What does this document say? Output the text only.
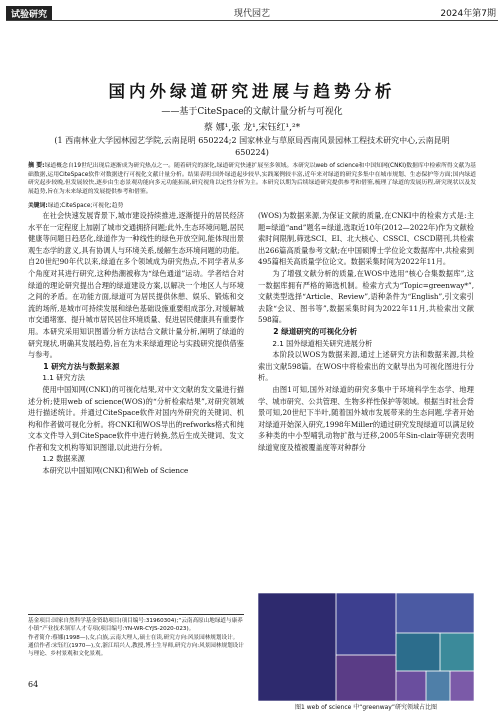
试验研究	现代园艺	2024年第7期
国内外绿道研究进展与趋势分析
——基于CiteSpace的文献计量分析与可视化
蔡 娜¹,张 龙¹,宋钰红¹,²*
(1 西南林业大学园林园艺学院,云南昆明 650224;2 国家林业与草原局西南风景园林工程技术研究中心,云南昆明 650224)
摘 要:绿道概念自19世纪出现后逐渐成为研究热点之一。随着研究的深化,绿道研究快速扩展至多领域。本研究以web of science和中国知网(CNKI)数据库中检索所得文献为基础数据,运用CiteSpace软件对数据进行可视化文献计量分析。结果表明:国外绿道起步较早,实践案例较丰富,近年来对绿道的研究多集中在城市规划、生态保护等方面;国内绿道研究起步较晚,但发展较快,逐步由生态景观功能向多元功能拓展,研究视角以定性分析为主。本研究以期为后续绿道研究提供参考和借鉴,梳理了绿道的发展历程,研究现状以及发展趋势,旨在为未来绿道的发展提供参考和借鉴。
关键词:绿道;CiteSpace;可视化;趋势

在社会快速发展背景下,城市建设持续推进,逐渐提升的居民经济水平在一定程度上加剧了城市交通拥挤问题;此外,生态环境问题,居民健康等问题日趋恶化,绿道作为一种线性的绿色开放空间,能体现出景观生态学的意义,具有协调人与环境关系,缓解生态环境问题的功能。自20世纪90年代以来,绿道在多个领域成为研究热点,不同学者从多个角度对其进行研究,这种热潮被称为“绿色通道”运动。学者结合对绿道的理论研究提出合理的绿道建设方案,以解决一个地区人与环境之间的矛盾。在功能方面,绿道可为居民提供休憩、娱乐、锻炼和交流的场所,是城市可持续发展和绿色基础设施重要组成部分,对缓解城市交通堵塞、提升城市居民居住环境质量、促进居民健康具有重要作用。本研究采用知识图谱分析方法结合文献计量分析,阐明了绿道的研究现状,明确其发展趋势,旨在为未来绿道理论与实践研究提供借鉴与参考。

1 研究方法与数据来源

1.1 研究方法

使用中国知网(CNKI)的可视化结果,对中文文献的发文量进行描述分析;使用web of science(WOS)的“分析检索结果”,对研究领域进行描述统计。并通过CiteSpace软件对国内外研究的关键词、机构和作者做可视化分析。将CNKI和WOS导出的refworks格式和纯文本文件导入到CiteSpace软件中进行转换,然后生成关键词、发文作者和发文机构等知识图谱,以此进行分析。

1.2 数据来源

本研究以中国知网(CNKI)和Web of Science

(WOS)为数据来源,为保证文献的质量,在CNKI中的检索方式是:主题=绿道“and”题名=绿道,选取近10年(2012—2022年)作为文献检索时间限制,筛选SCI、EI、北大核心、CSSCI、CSCD期刊,共检索出266篇高质量参考文献;在中国硕博士学位论文数据库中,共检索到495篇相关高质量学位论文。数据采集时间为2022年11月。

为了增强文献分析的质量,在WOS中选用“核心合集数据库”,这一数据库拥有严格的筛选机制。检索方式为“Topic=greenway*”,文献类型选择“Article、Review”,语种条件为“English”,引文索引去除“会议、图书等”,数据采集时间为2022年11月,共检索出文献598篇。

2 绿道研究的可视化分析

2.1 国外绿道相关研究进展分析

本阶段以WOS为数据来源,通过上述研究方法和数据来源,共检索出文献598篇。在WOS中将检索出的文献导出为可视化图进行分析。

由图1可知,国外对绿道的研究多集中于环境科学生态学、地理学、城市研究、公共管理、生物多样性保护等领域。根据当时社会背景可知,20世纪下半叶,随着国外城市发展带来的生态问题,学者开始对绿道开始深入研究,1998年Miller的通过研究发现绿道可以满足较多种类的中小型哺乳动物扩散与迁移,2005年Sin-clair等研究表明绿道宽度及植被覆盖度等对种群分

基金项目:国家自然科学基金资助项目(项目编号:31960304);“云南高原山地绿道与康养小镇”产业技术领军人才专项(项目编号:YN-WR-CYJS-2020-023)。
作者简介:蔡娜(1998—),女,白族,云南大理人,硕士在读,研究方向:风景园林规划设计。
通信作者:宋钰红(1970—),女,浙江绍兴人,教授,博士生导师,研究方向:风景园林规划设计与理论、乡村景观和文化景观。
64
图1 web of science 中“greenway”研究领域占比图
